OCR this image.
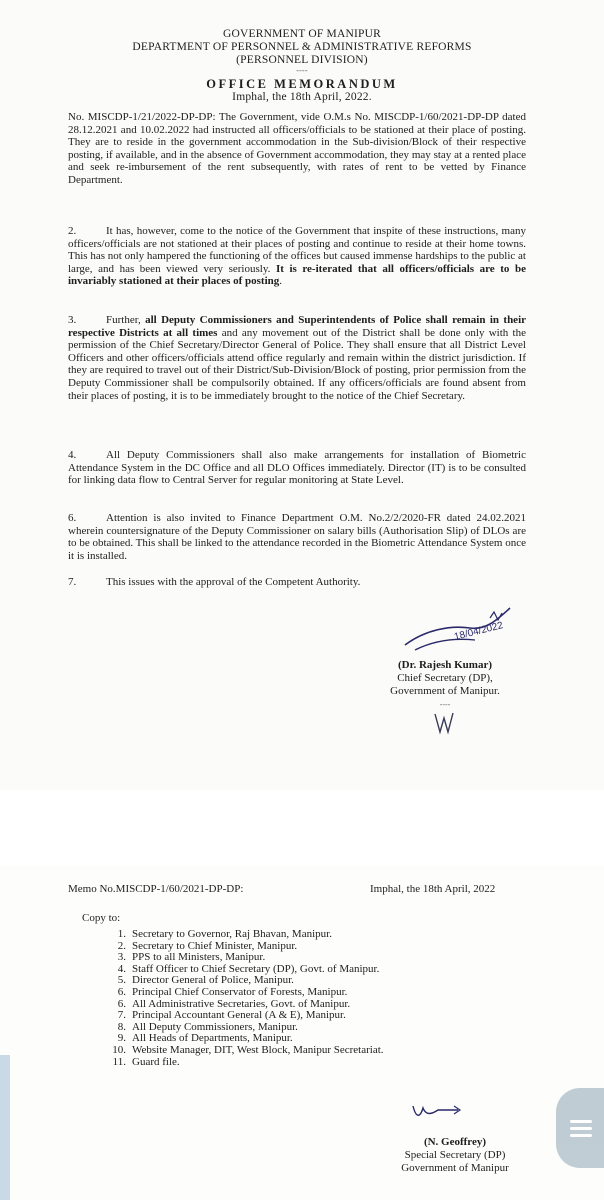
GOVERNMENT OF MANIPUR
DEPARTMENT OF PERSONNEL & ADMINISTRATIVE REFORMS
(PERSONNEL DIVISION)
----
OFFICE MEMORANDUM
Imphal, the 18th April, 2022.

No. MISCDP-1/21/2022-DP-DP: The Government, vide O.M.s No. MISCDP-1/60/2021-DP-DP dated 28.12.2021 and 10.02.2022 had instructed all officers/officials to be stationed at their place of posting. They are to reside in the government accommodation in the Sub-division/Block of their respective posting, if available, and in the absence of Government accommodation, they may stay at a rented place and seek re-imbursement of the rent subsequently, with rates of rent to be vetted by Finance Department.

2.	It has, however, come to the notice of the Government that inspite of these instructions, many officers/officials are not stationed at their places of posting and continue to reside at their home towns. This has not only hampered the functioning of the offices but caused immense hardships to the public at large, and has been viewed very seriously. It is re-iterated that all officers/officials are to be invariably stationed at their places of posting.

3.	Further, all Deputy Commissioners and Superintendents of Police shall remain in their respective Districts at all times and any movement out of the District shall be done only with the permission of the Chief Secretary/Director General of Police. They shall ensure that all District Level Officers and other officers/officials attend office regularly and remain within the district jurisdiction. If they are required to travel out of their District/Sub-Division/Block of posting, prior permission from the Deputy Commissioner shall be compulsorily obtained. If any officers/officials are found absent from their places of posting, it is to be immediately brought to the notice of the Chief Secretary.

4.	All Deputy Commissioners shall also make arrangements for installation of Biometric Attendance System in the DC Office and all DLO Offices immediately. Director (IT) is to be consulted for linking data flow to Central Server for regular monitoring at State Level.

6.	Attention is also invited to Finance Department O.M. No.2/2/2020-FR dated 24.02.2021 wherein countersignature of the Deputy Commissioner on salary bills (Authorisation Slip) of DLOs are to be obtained. This shall be linked to the attendance recorded in the Biometric Attendance System once it is installed.

7.	This issues with the approval of the Competent Authority.

18/04/2022
(Dr. Rajesh Kumar)
Chief Secretary (DP),
Government of Manipur.
----
Memo No.MISCDP-1/60/2021-DP-DP:	Imphal, the 18th April, 2022
Copy to:
1. Secretary to Governor, Raj Bhavan, Manipur.
2. Secretary to Chief Minister, Manipur.
3. PPS to all Ministers, Manipur.
4. Staff Officer to Chief Secretary (DP), Govt. of Manipur.
5. Director General of Police, Manipur.
6. Principal Chief Conservator of Forests, Manipur.
6. All Administrative Secretaries, Govt. of Manipur.
7. Principal Accountant General (A & E), Manipur.
8. All Deputy Commissioners, Manipur.
9. All Heads of Departments, Manipur.
10. Website Manager, DIT, West Block, Manipur Secretariat.
11. Guard file.
(N. Geoffrey)
Special Secretary (DP)
Government of Manipur
